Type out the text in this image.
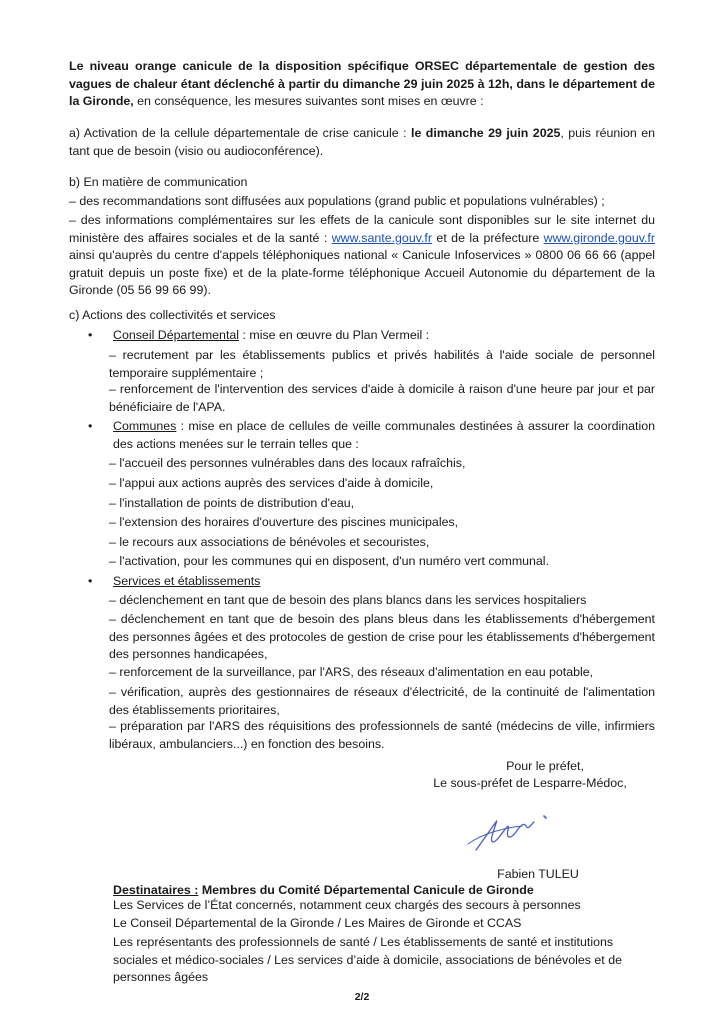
Le niveau orange canicule de la disposition spécifique ORSEC départementale de gestion des vagues de chaleur étant déclenché à partir du dimanche 29 juin 2025 à 12h, dans le département de la Gironde, en conséquence, les mesures suivantes sont mises en œuvre :
a) Activation de la cellule départementale de crise canicule : le dimanche 29 juin 2025, puis réunion en tant que de besoin (visio ou audioconférence).
b) En matière de communication
– des recommandations sont diffusées aux populations (grand public et populations vulnérables) ;
– des informations complémentaires sur les effets de la canicule sont disponibles sur le site internet du ministère des affaires sociales et de la santé : www.sante.gouv.fr et de la préfecture www.gironde.gouv.fr ainsi qu'auprès du centre d'appels téléphoniques national « Canicule Infoservices » 0800 06 66 66 (appel gratuit depuis un poste fixe) et de la plate-forme téléphonique Accueil Autonomie du département de la Gironde (05 56 99 66 99).
c) Actions des collectivités et services
• Conseil Départemental : mise en œuvre du Plan Vermeil :
– recrutement par les établissements publics et privés habilités à l'aide sociale de personnel temporaire supplémentaire ;
– renforcement de l'intervention des services d'aide à domicile à raison d'une heure par jour et par bénéficiaire de l'APA.
• Communes : mise en place de cellules de veille communales destinées à assurer la coordination des actions menées sur le terrain telles que :
– l'accueil des personnes vulnérables dans des locaux rafraîchis,
– l'appui aux actions auprès des services d'aide à domicile,
– l'installation de points de distribution d'eau,
– l'extension des horaires d'ouverture des piscines municipales,
– le recours aux associations de bénévoles et secouristes,
– l'activation, pour les communes qui en disposent, d'un numéro vert communal.
• Services et établissements
– déclenchement en tant que de besoin des plans blancs dans les services hospitaliers
– déclenchement en tant que de besoin des plans bleus dans les établissements d'hébergement des personnes âgées et des protocoles de gestion de crise pour les établissements d'hébergement des personnes handicapées,
– renforcement de la surveillance, par l'ARS, des réseaux d'alimentation en eau potable,
– vérification, auprès des gestionnaires de réseaux d'électricité, de la continuité de l'alimentation des établissements prioritaires,
– préparation par l'ARS des réquisitions des professionnels de santé (médecins de ville, infirmiers libéraux, ambulanciers...) en fonction des besoins.
Pour le préfet,
Le sous-préfet de Lesparre-Médoc,
Fabien TULEU
Destinataires : Membres du Comité Départemental Canicule de Gironde
Les Services de l’État concernés, notamment ceux chargés des secours à personnes
Le Conseil Départemental de la Gironde / Les Maires de Gironde et CCAS
Les représentants des professionnels de santé / Les établissements de santé et institutions sociales et médico-sociales / Les services d’aide à domicile, associations de bénévoles et de personnes âgées
2/2
